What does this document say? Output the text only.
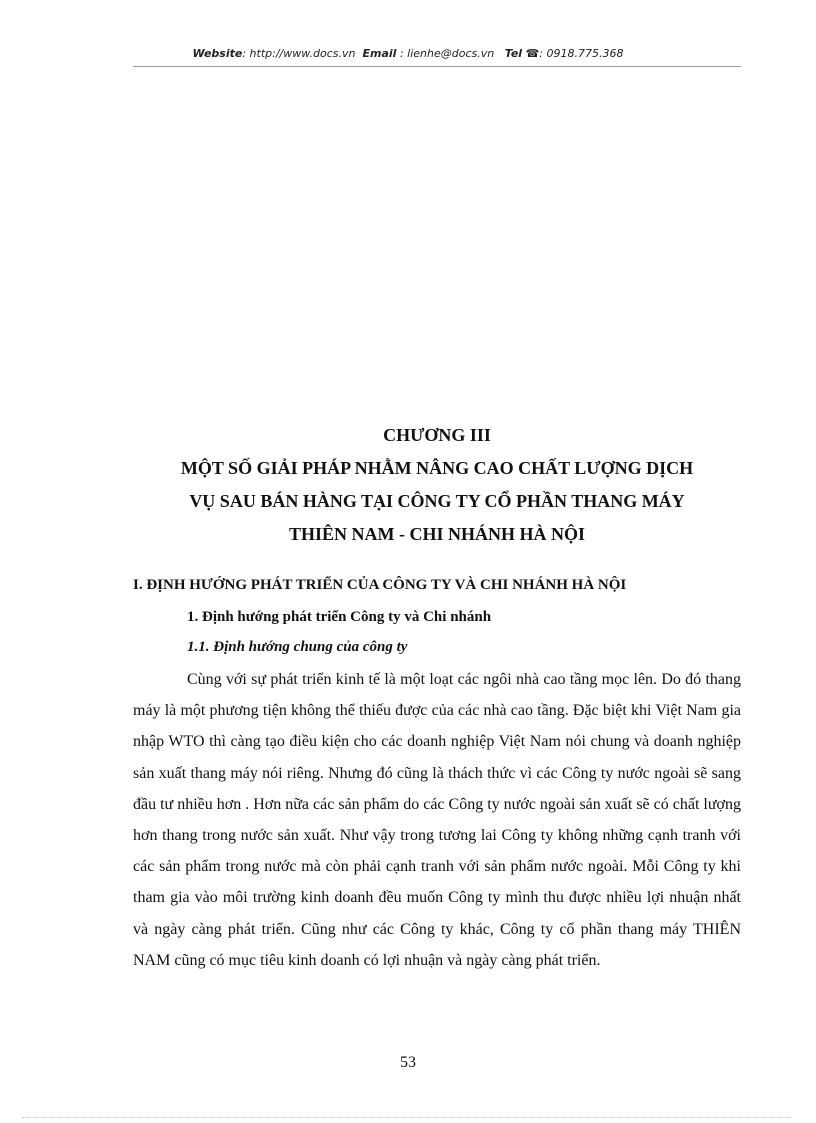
Website: http://www.docs.vn Email : lienhe@docs.vn Tel ☎: 0918.775.368
CHƯƠNG III
MỘT SỐ GIẢI PHÁP NHẰM NÂNG CAO CHẤT LƯỢNG DỊCH
VỤ SAU BÁN HÀNG TẠI CÔNG TY CỔ PHẦN THANG MÁY
THIÊN NAM - CHI NHÁNH HÀ NỘI
I. ĐỊNH HƯỚNG PHÁT TRIỂN CỦA CÔNG TY VÀ CHI NHÁNH HÀ NỘI
1. Định hướng phát triển Công ty và Chi nhánh
1.1. Định hướng chung của công ty

Cùng với sự phát triển kinh tế là một loạt các ngôi nhà cao tầng mọc lên. Do đó thang máy là một phương tiện không thể thiếu được của các nhà cao tầng. Đặc biệt khi Việt Nam gia nhập WTO thì càng tạo điều kiện cho các doanh nghiệp Việt Nam nói chung và doanh nghiệp sản xuất thang máy nói riêng. Nhưng đó cũng là thách thức vì các Công ty nước ngoài sẽ sang đầu tư nhiều hơn . Hơn nữa các sản phẩm do các Công ty nước ngoài sản xuất sẽ có chất lượng hơn thang trong nước sản xuất. Như vậy trong tương lai Công ty không những cạnh tranh với các sản phẩm trong nước mà còn phải cạnh tranh với sản phẩm nước ngoài. Mỗi Công ty khi tham gia vào môi trường kinh doanh đều muốn Công ty mình thu được nhiều lợi nhuận nhất và ngày càng phát triển. Cũng như các Công ty khác, Công ty cổ phần thang máy THIÊN NAM cũng có mục tiêu kinh doanh có lợi nhuận và ngày càng phát triển.

53
